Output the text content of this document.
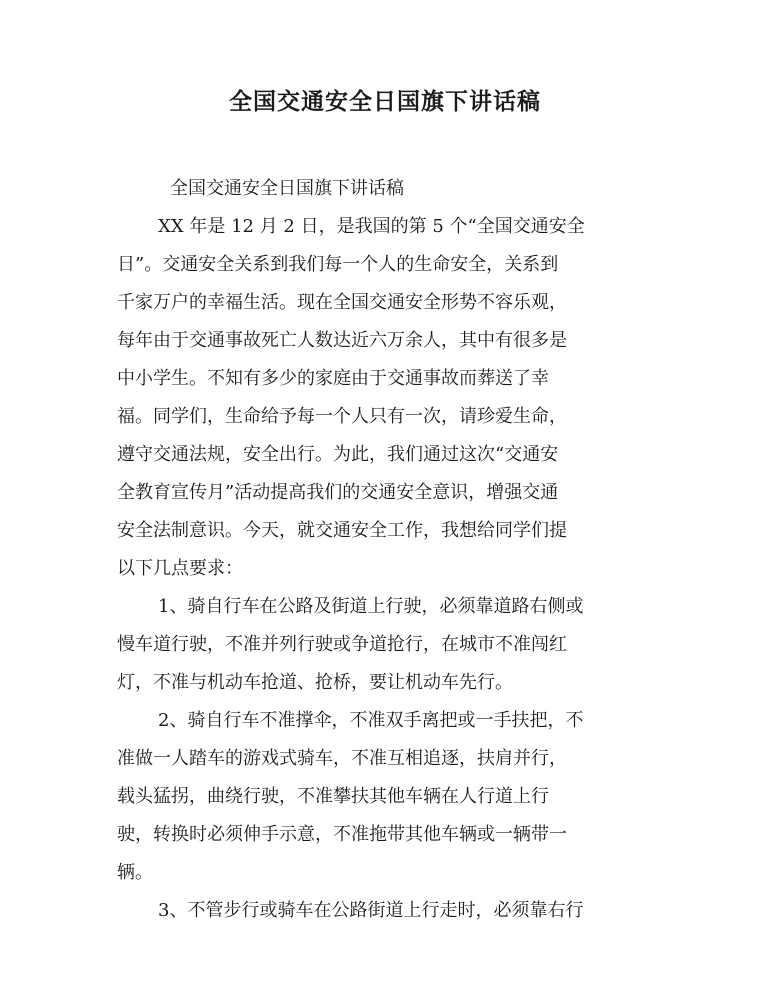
全国交通安全日国旗下讲话稿
全国交通安全日国旗下讲话稿
XX 年是 12 月 2 日，是我国的第 5 个“全国交通安全
日”。交通安全关系到我们每一个人的生命安全，关系到
千家万户的幸福生活。现在全国交通安全形势不容乐观，
每年由于交通事故死亡人数达近六万余人，其中有很多是
中小学生。不知有多少的家庭由于交通事故而葬送了幸
福。同学们，生命给予每一个人只有一次，请珍爱生命，
遵守交通法规，安全出行。为此，我们通过这次“交通安
全教育宣传月”活动提高我们的交通安全意识，增强交通
安全法制意识。今天，就交通安全工作，我想给同学们提
以下几点要求：
1、骑自行车在公路及街道上行驶，必须靠道路右侧或
慢车道行驶，不准并列行驶或争道抢行，在城市不准闯红
灯，不准与机动车抢道、抢桥，要让机动车先行。
2、骑自行车不准撑伞，不准双手离把或一手扶把，不
准做一人踏车的游戏式骑车，不准互相追逐，扶肩并行，
载头猛拐，曲绕行驶，不准攀扶其他车辆在人行道上行
驶，转换时必须伸手示意，不准拖带其他车辆或一辆带一
辆。
3、不管步行或骑车在公路街道上行走时，必须靠右行
